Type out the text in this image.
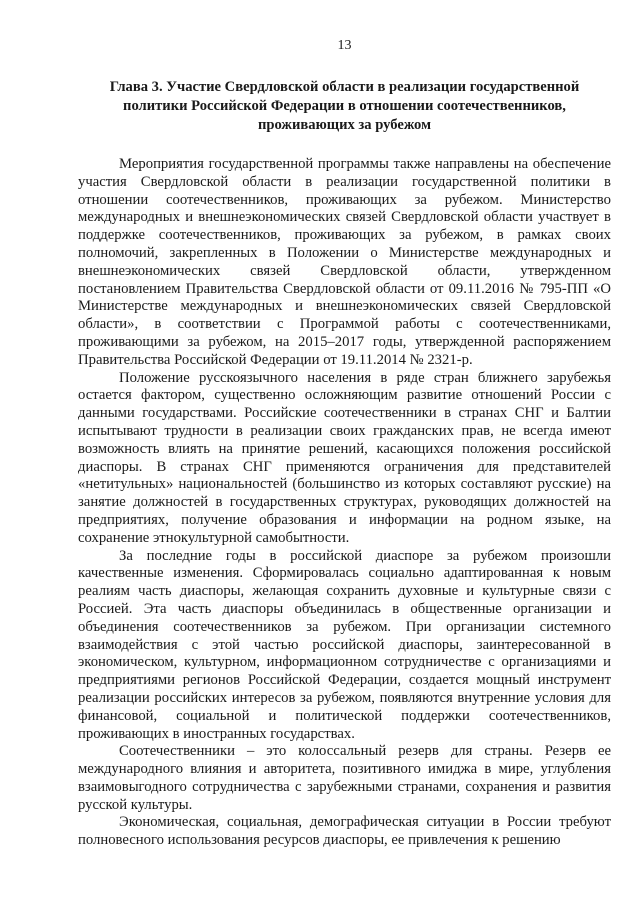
13
Глава 3. Участие Свердловской области в реализации государственной
политики Российской Федерации в отношении соотечественников,
проживающих за рубежом

Мероприятия государственной программы также направлены на обеспечение участия Свердловской области в реализации государственной политики в отношении соотечественников, проживающих за рубежом. Министерство международных и внешнеэкономических связей Свердловской области участвует в поддержке соотечественников, проживающих за рубежом, в рамках своих полномочий, закрепленных в Положении о Министерстве международных и внешнеэкономических связей Свердловской области, утвержденном постановлением Правительства Свердловской области от 09.11.2016 № 795-ПП «О Министерстве международных и внешнеэкономических связей Свердловской области», в соответствии с Программой работы с соотечественниками, проживающими за рубежом, на 2015–2017 годы, утвержденной распоряжением Правительства Российской Федерации от 19.11.2014 № 2321-р.

Положение русскоязычного населения в ряде стран ближнего зарубежья остается фактором, существенно осложняющим развитие отношений России с данными государствами. Российские соотечественники в странах СНГ и Балтии испытывают трудности в реализации своих гражданских прав, не всегда имеют возможность влиять на принятие решений, касающихся положения российской диаспоры. В странах СНГ применяются ограничения для представителей «нетитульных» национальностей (большинство из которых составляют русские) на занятие должностей в государственных структурах, руководящих должностей на предприятиях, получение образования и информации на родном языке, на сохранение этнокультурной самобытности.

За последние годы в российской диаспоре за рубежом произошли качественные изменения. Сформировалась социально адаптированная к новым реалиям часть диаспоры, желающая сохранить духовные и культурные связи с Россией. Эта часть диаспоры объединилась в общественные организации и объединения соотечественников за рубежом. При организации системного взаимодействия с этой частью российской диаспоры, заинтересованной в экономическом, культурном, информационном сотрудничестве с организациями и предприятиями регионов Российской Федерации, создается мощный инструмент реализации российских интересов за рубежом, появляются внутренние условия для финансовой, социальной и политической поддержки соотечественников, проживающих в иностранных государствах.

Соотечественники – это колоссальный резерв для страны. Резерв ее международного влияния и авторитета, позитивного имиджа в мире, углубления взаимовыгодного сотрудничества с зарубежными странами, сохранения и развития русской культуры.

Экономическая, социальная, демографическая ситуации в России требуют полновесного использования ресурсов диаспоры, ее привлечения к решению
